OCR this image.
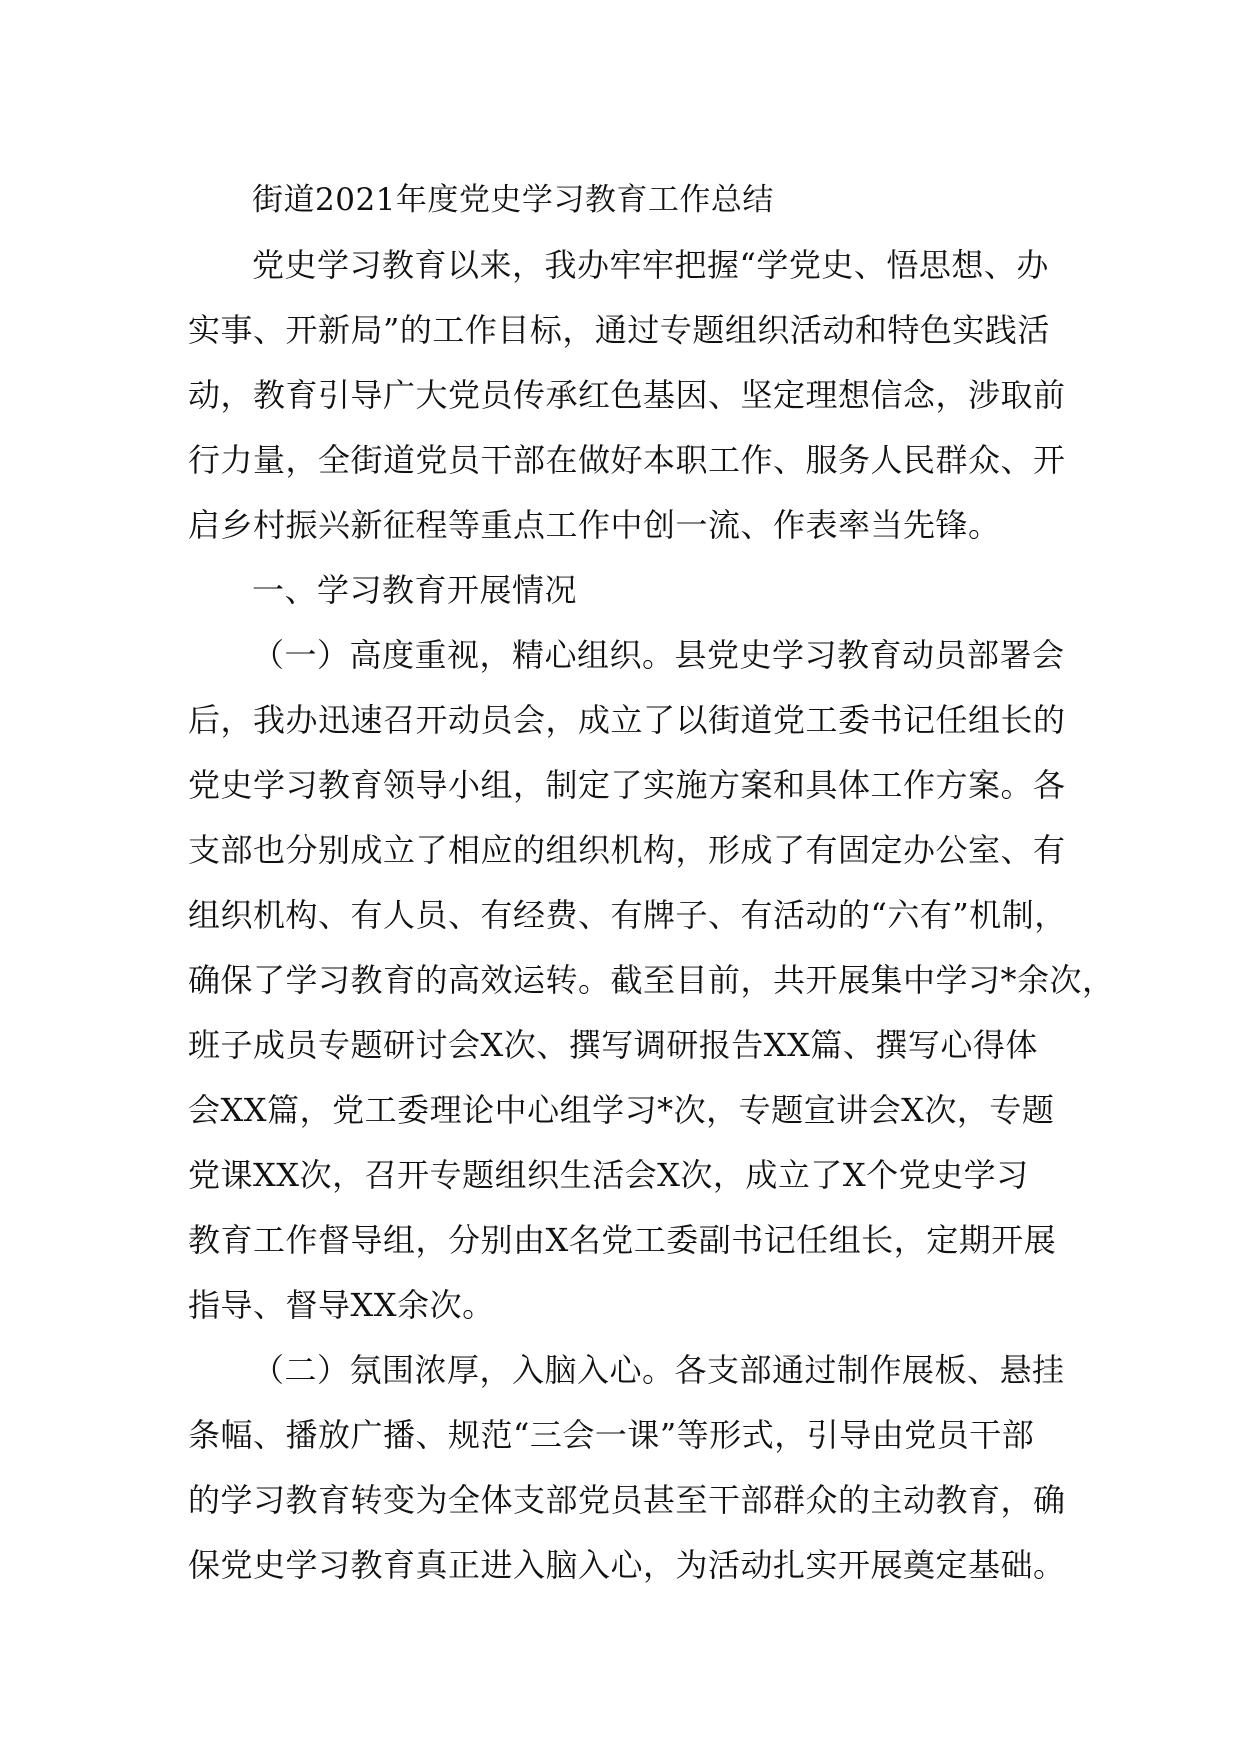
街道2021年度党史学习教育工作总结
党史学习教育以来，我办牢牢把握“学党史、悟思想、办
实事、开新局”的工作目标，通过专题组织活动和特色实践活
动，教育引导广大党员传承红色基因、坚定理想信念，涉取前
行力量，全街道党员干部在做好本职工作、服务人民群众、开
启乡村振兴新征程等重点工作中创一流、作表率当先锋。
一、学习教育开展情况
（一）高度重视，精心组织。县党史学习教育动员部署会
后，我办迅速召开动员会，成立了以街道党工委书记任组长的
党史学习教育领导小组，制定了实施方案和具体工作方案。各
支部也分别成立了相应的组织机构，形成了有固定办公室、有
组织机构、有人员、有经费、有牌子、有活动的“六有”机制，
确保了学习教育的高效运转。截至目前，共开展集中学习*余次，
班子成员专题研讨会X次、撰写调研报告XX篇、撰写心得体
会XX篇，党工委理论中心组学习*次，专题宣讲会X次，专题
党课XX次，召开专题组织生活会X次，成立了X个党史学习
教育工作督导组，分别由X名党工委副书记任组长，定期开展
指导、督导XX余次。
（二）氛围浓厚，入脑入心。各支部通过制作展板、悬挂
条幅、播放广播、规范“三会一课”等形式，引导由党员干部
的学习教育转变为全体支部党员甚至干部群众的主动教育，确
保党史学习教育真正进入脑入心，为活动扎实开展奠定基础。
